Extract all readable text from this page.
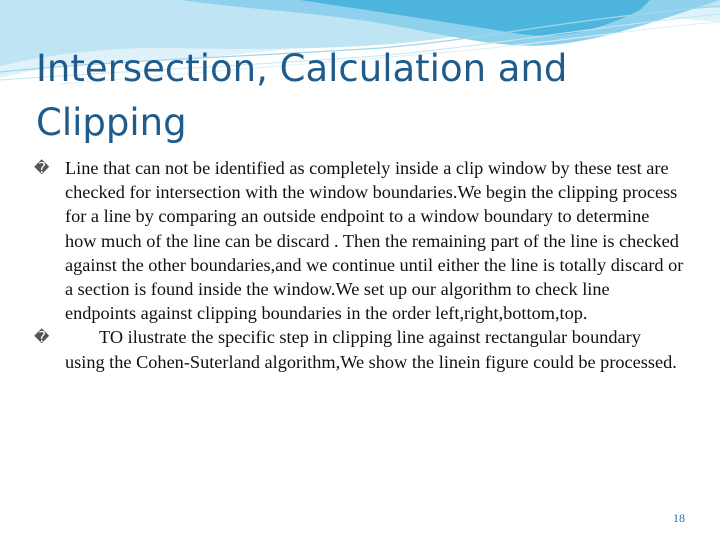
Intersection, Calculation and Clipping
� Line that can not be identified as completely inside a clip window by these test are checked for intersection with the window boundaries.We begin the clipping process for a line by comparing an outside endpoint to a window boundary to determine how much of the line can be discard . Then the remaining part of the line is checked against the other boundaries,and we continue until either the line is totally discard or a section is found inside the window.We set up our algorithm to check line endpoints against clipping boundaries in the order left,right,bottom,top.
�	TO ilustrate the specific step in clipping line against rectangular boundary using the Cohen-Suterland algorithm,We show the linein figure could be processed.
18
